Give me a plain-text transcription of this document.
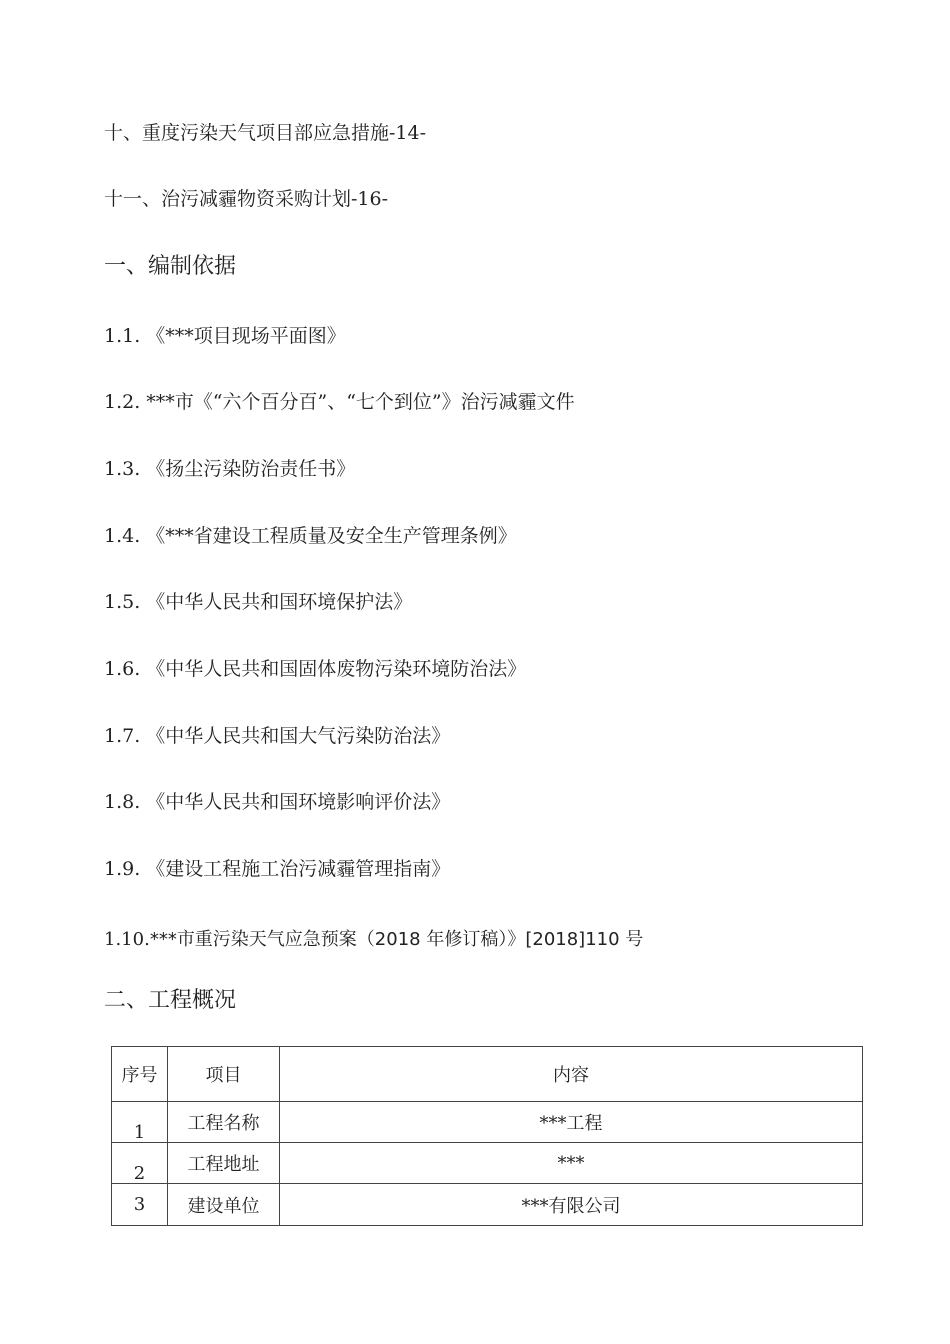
十、重度污染天气项目部应急措施-14-
十一、治污减霾物资采购计划-16-
一、编制依据
1.1. 《***项目现场平面图》
1.2. ***市《“六个百分百”、“七个到位”》治污减霾文件
1.3. 《扬尘污染防治责任书》
1.4. 《***省建设工程质量及安全生产管理条例》
1.5. 《中华人民共和国环境保护法》
1.6. 《中华人民共和国固体废物污染环境防治法》
1.7. 《中华人民共和国大气污染防治法》
1.8. 《中华人民共和国环境影响评价法》
1.9. 《建设工程施工治污减霾管理指南》
1.10.***市重污染天气应急预案（2018 年修订稿）》[2018]110 号
二、工程概况
序号	项目	内容
1	工程名称	***工程
2	工程地址	***
3	建设单位	***有限公司
